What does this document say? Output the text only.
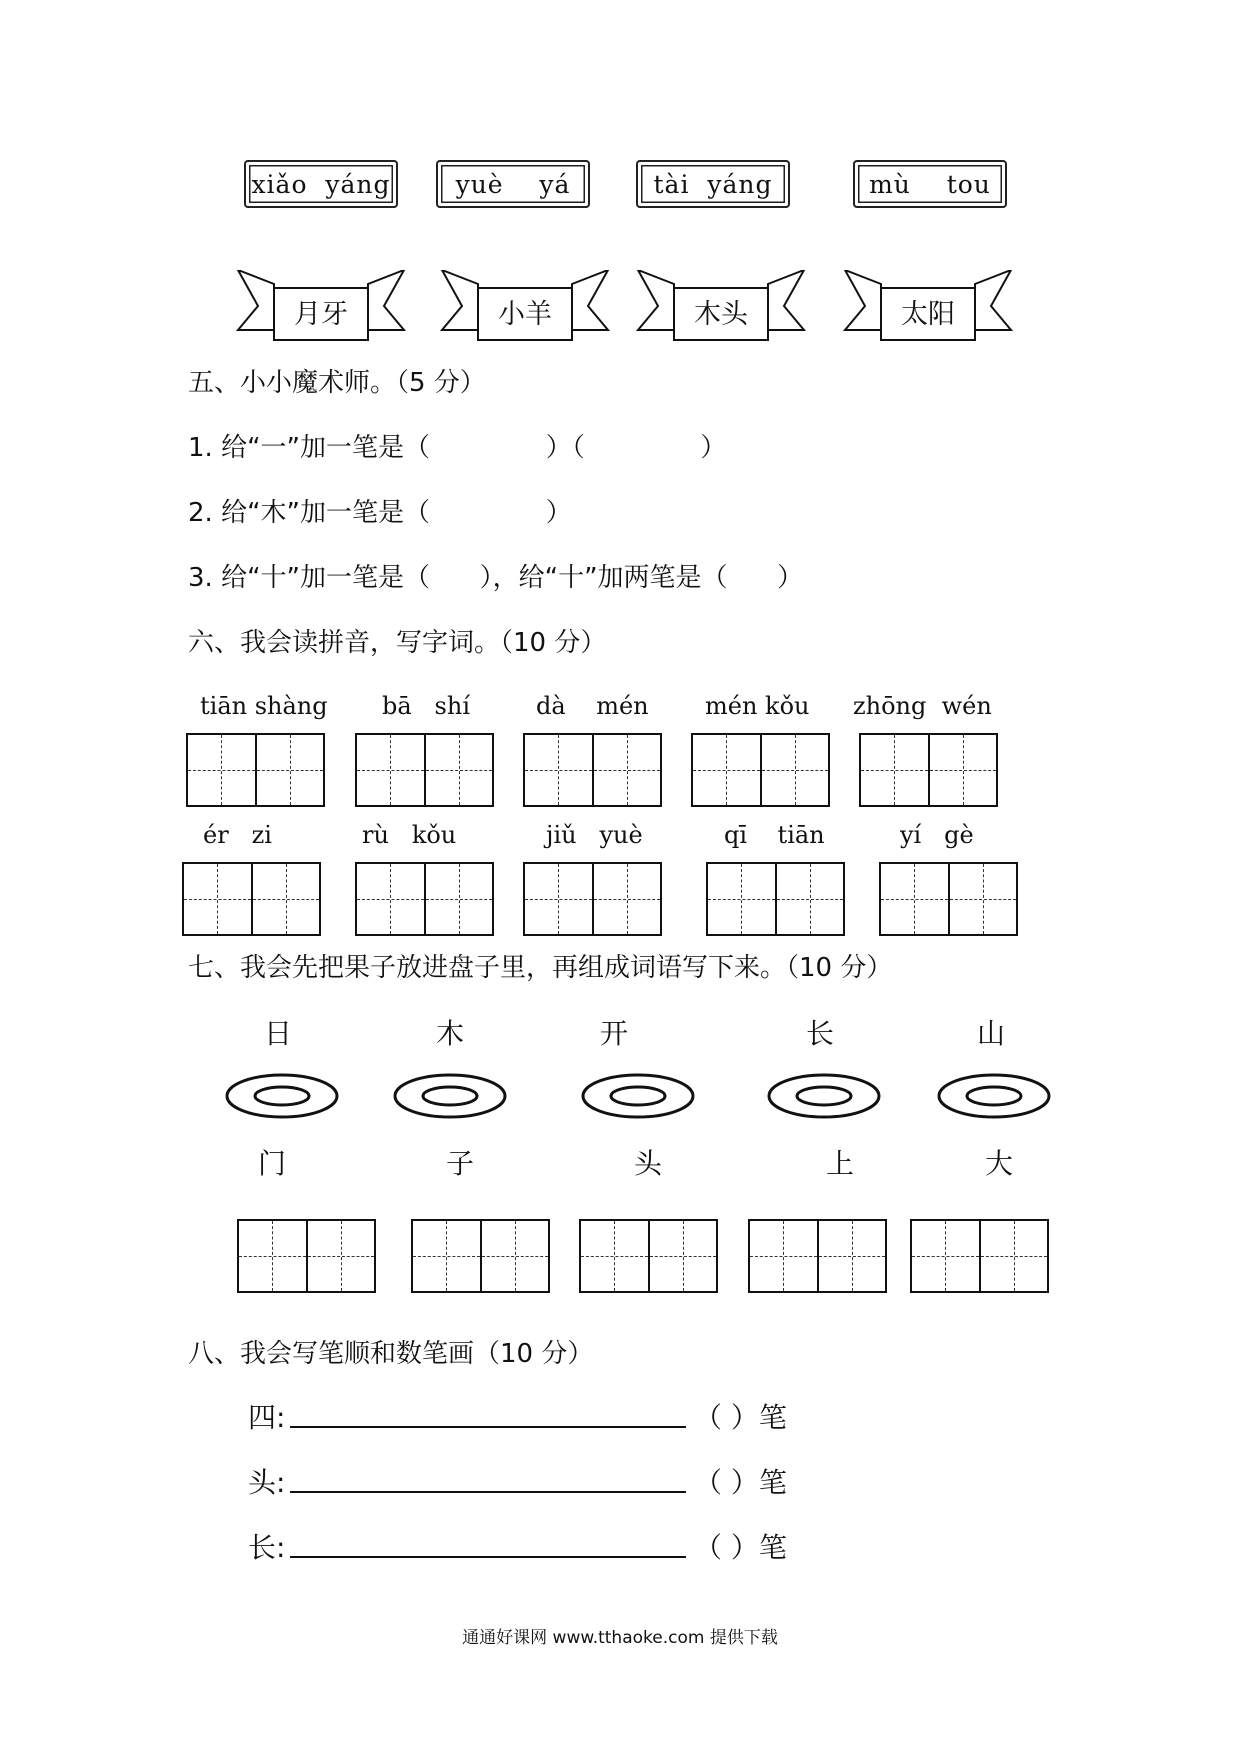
xiǎo  yáng	yuè    yá	tài  yáng	mù    tou
月牙	小羊	木头	太阳
五、小小魔术师。（5 分）
1. 给“一”加一笔是（              ）（              ）
2. 给“木”加一笔是（              ）
3. 给“十”加一笔是（      ），给“十”加两笔是（      ）
六、我会读拼音，写字词。（10 分）
tiān shàng bā   shí	dà    mén mén kǒu zhōng  wén
ér   zi	rù   kǒu	jiǔ   yuè	qī    tiān	yí   gè
七、我会先把果子放进盘子里，再组成词语写下来。（10 分）
日	木	开	长	山
门	子	头	上	大
八、我会写笔顺和数笔画（10 分）
四:	（ ）笔
头:	（ ）笔
长:	（ ）笔
通通好课网 www.tthaoke.com 提供下载
